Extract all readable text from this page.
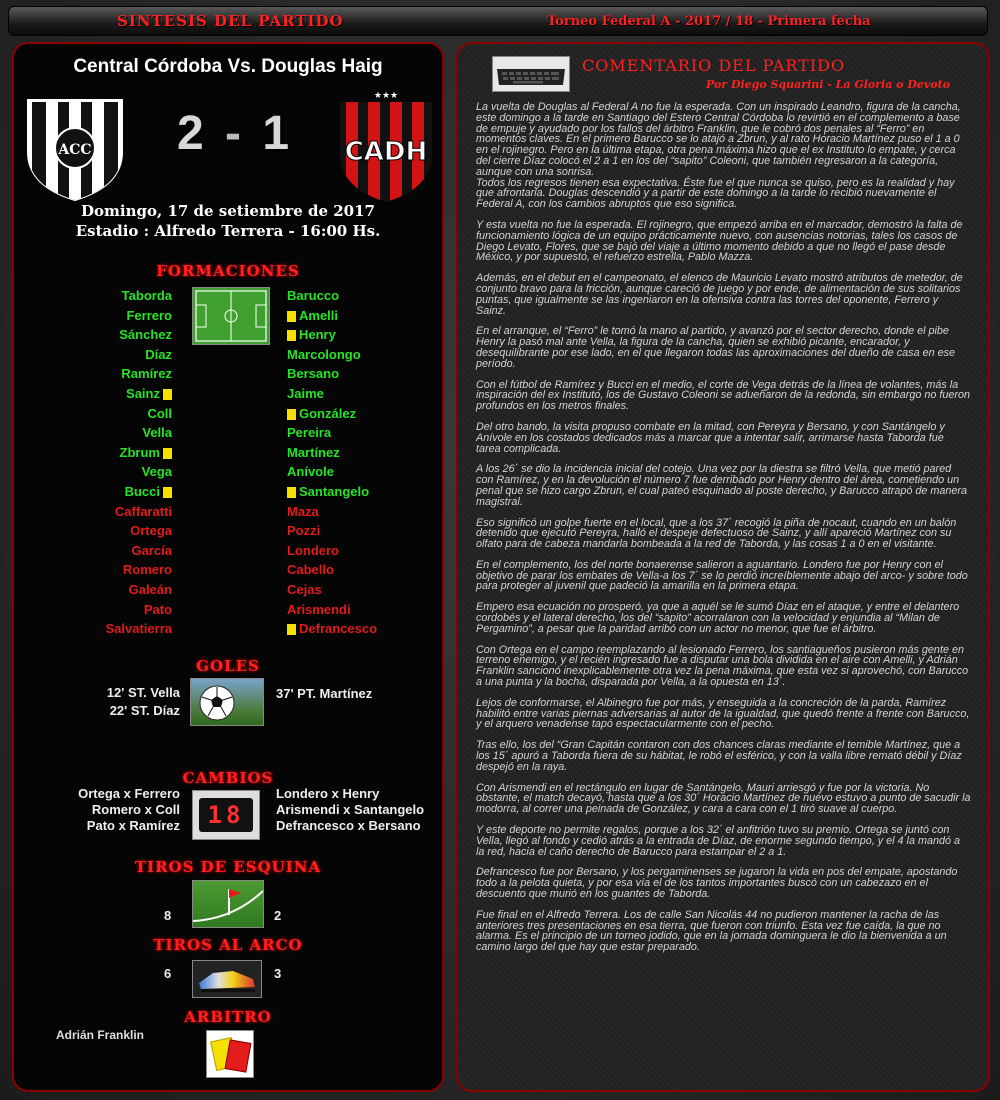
SINTESIS DEL PARTIDO	Torneo Federal A - 2017 / 18 - Primera fecha
Central Córdoba Vs. Douglas Haig
ACC 2 - 1
★★★
CADH
Domingo, 17 de setiembre de 2017
Estadio : Alfredo Terrera - 16:00 Hs.
FORMACIONES
Taborda
Ferrero
Sánchez
Díaz
Ramírez
Sainz
Coll
Vella
Zbrum
Vega
Bucci
Caffaratti
Ortega
García
Romero
Galeán
Pato
Salvatierra
Barucco
Amelli
Henry
Marcolongo
Bersano
Jaime
González
Pereira
Martínez
Anívole
Santangelo
Maza
Pozzi
Londero
Cabello
Cejas
Arismendi
Defrancesco
GOLES
12' ST. Vella
22' ST. Díaz
37' PT. Martínez
CAMBIOS
Ortega x Ferrero
Romero x Coll
Pato x Ramírez	18
Londero x Henry
Arismendi x Santangelo
Defrancesco x Bersano
TIROS DE ESQUINA
8	2
TIROS AL ARCO
6	3
ARBITRO
Adrián Franklin
COMENTARIO DEL PARTIDO
Por Diego Squarini - La Gloria o Devoto

La vuelta de Douglas al Federal A no fue la esperada. Con un inspirado Leandro, figura de la cancha, este domingo a la tarde en Santiago del Estero Central Córdoba lo revirtió en el complemento a base de empuje y ayudado por los fallos del árbitro Franklin, que le cobró dos penales al “Ferro” en momentos claves. En el primero Barucco se lo atajó a Zbrun, y al rato Horacio Martínez puso el 1 a 0 en el rojinegro. Pero en la última etapa, otra pena máxima hizo que el ex Instituto lo empate, y cerca del cierre Díaz colocó el 2 a 1 en los del “sapito” Coleoni, que también regresaron a la categoría, aunque con una sonrisa.
Todos los regresos tienen esa expectativa. Éste fue el que nunca se quiso, pero es la realidad y hay que afrontarla. Douglas descendió y a partir de este domingo a la tarde lo recibió nuevamente el Federal A, con los cambios abruptos que eso significa.

Y esta vuelta no fue la esperada. El rojinegro, que empezó arriba en el marcador, demostró la falta de funcionamiento lógica de un equipo prácticamente nuevo, con ausencias notorias, tales los casos de Diego Levato, Flores, que se bajó del viaje a último momento debido a que no llegó el pase desde México, y por supuesto, el refuerzo estrella, Pablo Mazza.

Además, en el debut en el campeonato, el elenco de Mauricio Levato mostró atributos de metedor, de conjunto bravo para la fricción, aunque careció de juego y por ende, de alimentación de sus solitarios puntas, que igualmente se las ingeniaron en la ofensiva contra las torres del oponente, Ferrero y Sainz.

En el arranque, el “Ferro” le tomó la mano al partido, y avanzó por el sector derecho, donde el pibe Henry la pasó mal ante Vella, la figura de la cancha, quien se exhibió picante, encarador, y desequilibrante por ese lado, en el que llegaron todas las aproximaciones del dueño de casa en ese período.

Con el fútbol de Ramírez y Bucci en el medio, el corte de Vega detrás de la línea de volantes, más la inspiración del ex Instituto, los de Gustavo Coleoni se adueñaron de la redonda, sin embargo no fueron profundos en los metros finales.

Del otro bando, la visita propuso combate en la mitad, con Pereyra y Bersano, y con Santángelo y Anívole en los costados dedicados más a marcar que a intentar salir, arrimarse hasta Taborda fue tarea complicada.

A los 26´ se dio la incidencia inicial del cotejo. Una vez por la diestra se filtró Vella, que metió pared con Ramírez, y en la devolución el número 7 fue derribado por Henry dentro del área, cometiendo un penal que se hizo cargo Zbrun, el cual pateó esquinado al poste derecho, y Barucco atrapó de manera magistral.

Eso significó un golpe fuerte en el local, que a los 37´ recogió la piña de nocaut, cuando en un balón detenido que ejecutó Pereyra, halló el despeje defectuoso de Sainz, y allí apareció Martínez con su olfato para de cabeza mandarla bombeada a la red de Taborda, y las cosas 1 a 0 en el visitante.

En el complemento, los del norte bonaerense salieron a aguantario. Londero fue por Henry con el objetivo de parar los embates de Vella-a los 7´ se lo perdió increíblemente abajo del arco- y sobre todo para proteger al juvenil que padeció la amarilla en la primera etapa.

Empero esa ecuación no prosperó, ya que a aquél se le sumó Díaz en el ataque, y entre el delantero cordobés y el lateral derecho, los del “sapito” acorralaron con la velocidad y enjundia al “Milan de Pergamino”, a pesar que la paridad arribó con un actor no menor, que fue el árbitro.

Con Ortega en el campo reemplazando al lesionado Ferrero, los santiagueños pusieron más gente en terreno enemigo, y el recién ingresado fue a disputar una bola dividida en el aire con Amelli, y Adrián Franklin sancionó inexplicablemente otra vez la pena máxima, que esta vez si aprovechó, con Barucco a una punta y la bocha, disparada por Vella, a la opuesta en 13´.

Lejos de conformarse, el Albinegro fue por más, y enseguida a la concreción de la parda, Ramírez habilitó entre varias piernas adversarias al autor de la igualdad, que quedó frente a frente con Barucco, y el arquero venadense tapó espectacularmente con el pecho.

Tras ello, los del “Gran Capitán contaron con dos chances claras mediante el temible Martínez, que a los 15´ apuró a Taborda fuera de su hábitat, le robó el esférico, y con la valla libre remató débil y Díaz despejó en la raya.

Con Arismendi en el rectángulo en lugar de Santángelo, Mauri arriesgó y fue por la victoria. No obstante, el match decayó, hasta que a los 30´ Horacio Martínez de nuevo estuvo a punto de sacudir la modorra, al correr una peinada de González, y cara a cara con el 1 tiró suave al cuerpo.

Y este deporte no permite regalos, porque a los 32´ el anfitrión tuvo su premio. Ortega se juntó con Vella, llegó al fondo y cedió atrás a la entrada de Díaz, de enorme segundo tiempo, y el 4 la mandó a la red, hacia el caño derecho de Barucco para estampar el 2 a 1.

Defrancesco fue por Bersano, y los pergaminenses se jugaron la vida en pos del empate, apostando todo a la pelota quieta, y por esa vía el de los tantos importantes buscó con un cabezazo en el descuento que murió en los guantes de Taborda.

Fue final en el Alfredo Terrera. Los de calle San Nicolás 44 no pudieron mantener la racha de las anteriores tres presentaciones en esa tierra, que fueron con triunfo. Esta vez fue caída, la que no alarma. Es el principio de un torneo jodido, que en la jornada dominguera le dio la bienvenida a un camino largo del que hay que estar preparado.
